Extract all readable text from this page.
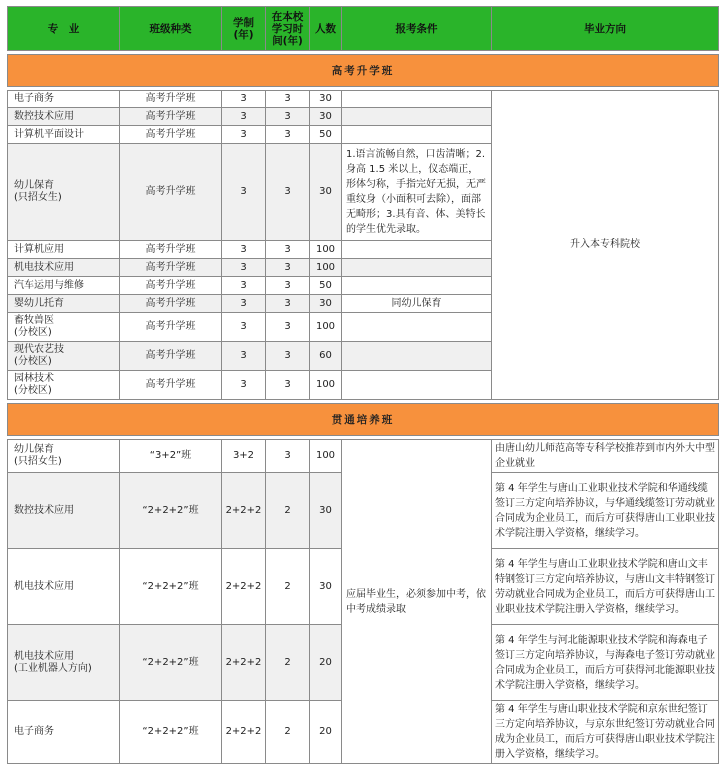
专　业	班级种类	学制(年)	在本校学习时间(年)	人数	报考条件	毕业方向

高考升学班						

电子商务	高考升学班	3	3	30		升入本专科院校
数控技术应用	高考升学班	3	3	30		
计算机平面设计	高考升学班	3	3	50		
幼儿保育
(只招女生)	高考升学班	3	3	30	1.语言流畅自然，口齿清晰；2.身高 1.5 米以上，仪态端正，形体匀称，手指完好无损，无严重纹身（小面积可去除），面部无畸形；3.具有音、体、美特长的学生优先录取。	
计算机应用	高考升学班	3	3	100		
机电技术应用	高考升学班	3	3	100		
汽车运用与维修	高考升学班	3	3	50		
婴幼儿托育	高考升学班	3	3	30	同幼儿保育	
畜牧兽医
(分校区)	高考升学班	3	3	100		
现代农艺技
(分校区)	高考升学班	3	3	60		
园林技术
(分校区)	高考升学班	3	3	100		

贯通培养班						

幼儿保育
(只招女生)	“3+2”班	3+2	3	100	应届毕业生，必须参加中考，依中考成绩录取	由唐山幼儿师范高等专科学校推荐到市内外大中型企业就业
数控技术应用	“2+2+2”班	2+2+2	2	30		第 4 年学生与唐山工业职业技术学院和华通线缆签订三方定向培养协议，与华通线缆签订劳动就业合同成为企业员工，而后方可获得唐山工业职业技术学院注册入学资格，继续学习。
机电技术应用	“2+2+2”班	2+2+2	2	30		第 4 年学生与唐山工业职业技术学院和唐山文丰特钢签订三方定向培养协议，与唐山文丰特钢签订劳动就业合同成为企业员工，而后方可获得唐山工业职业技术学院注册入学资格，继续学习。
机电技术应用
(工业机器人方向)	“2+2+2”班	2+2+2	2	20		第 4 年学生与河北能源职业技术学院和海森电子签订三方定向培养协议，与海森电子签订劳动就业合同成为企业员工，而后方可获得河北能源职业技术学院注册入学资格，继续学习。
电子商务	“2+2+2”班	2+2+2	2	20		第 4 年学生与唐山职业技术学院和京东世纪签订三方定向培养协议，与京东世纪签订劳动就业合同成为企业员工，而后方可获得唐山职业技术学院注册入学资格，继续学习。
